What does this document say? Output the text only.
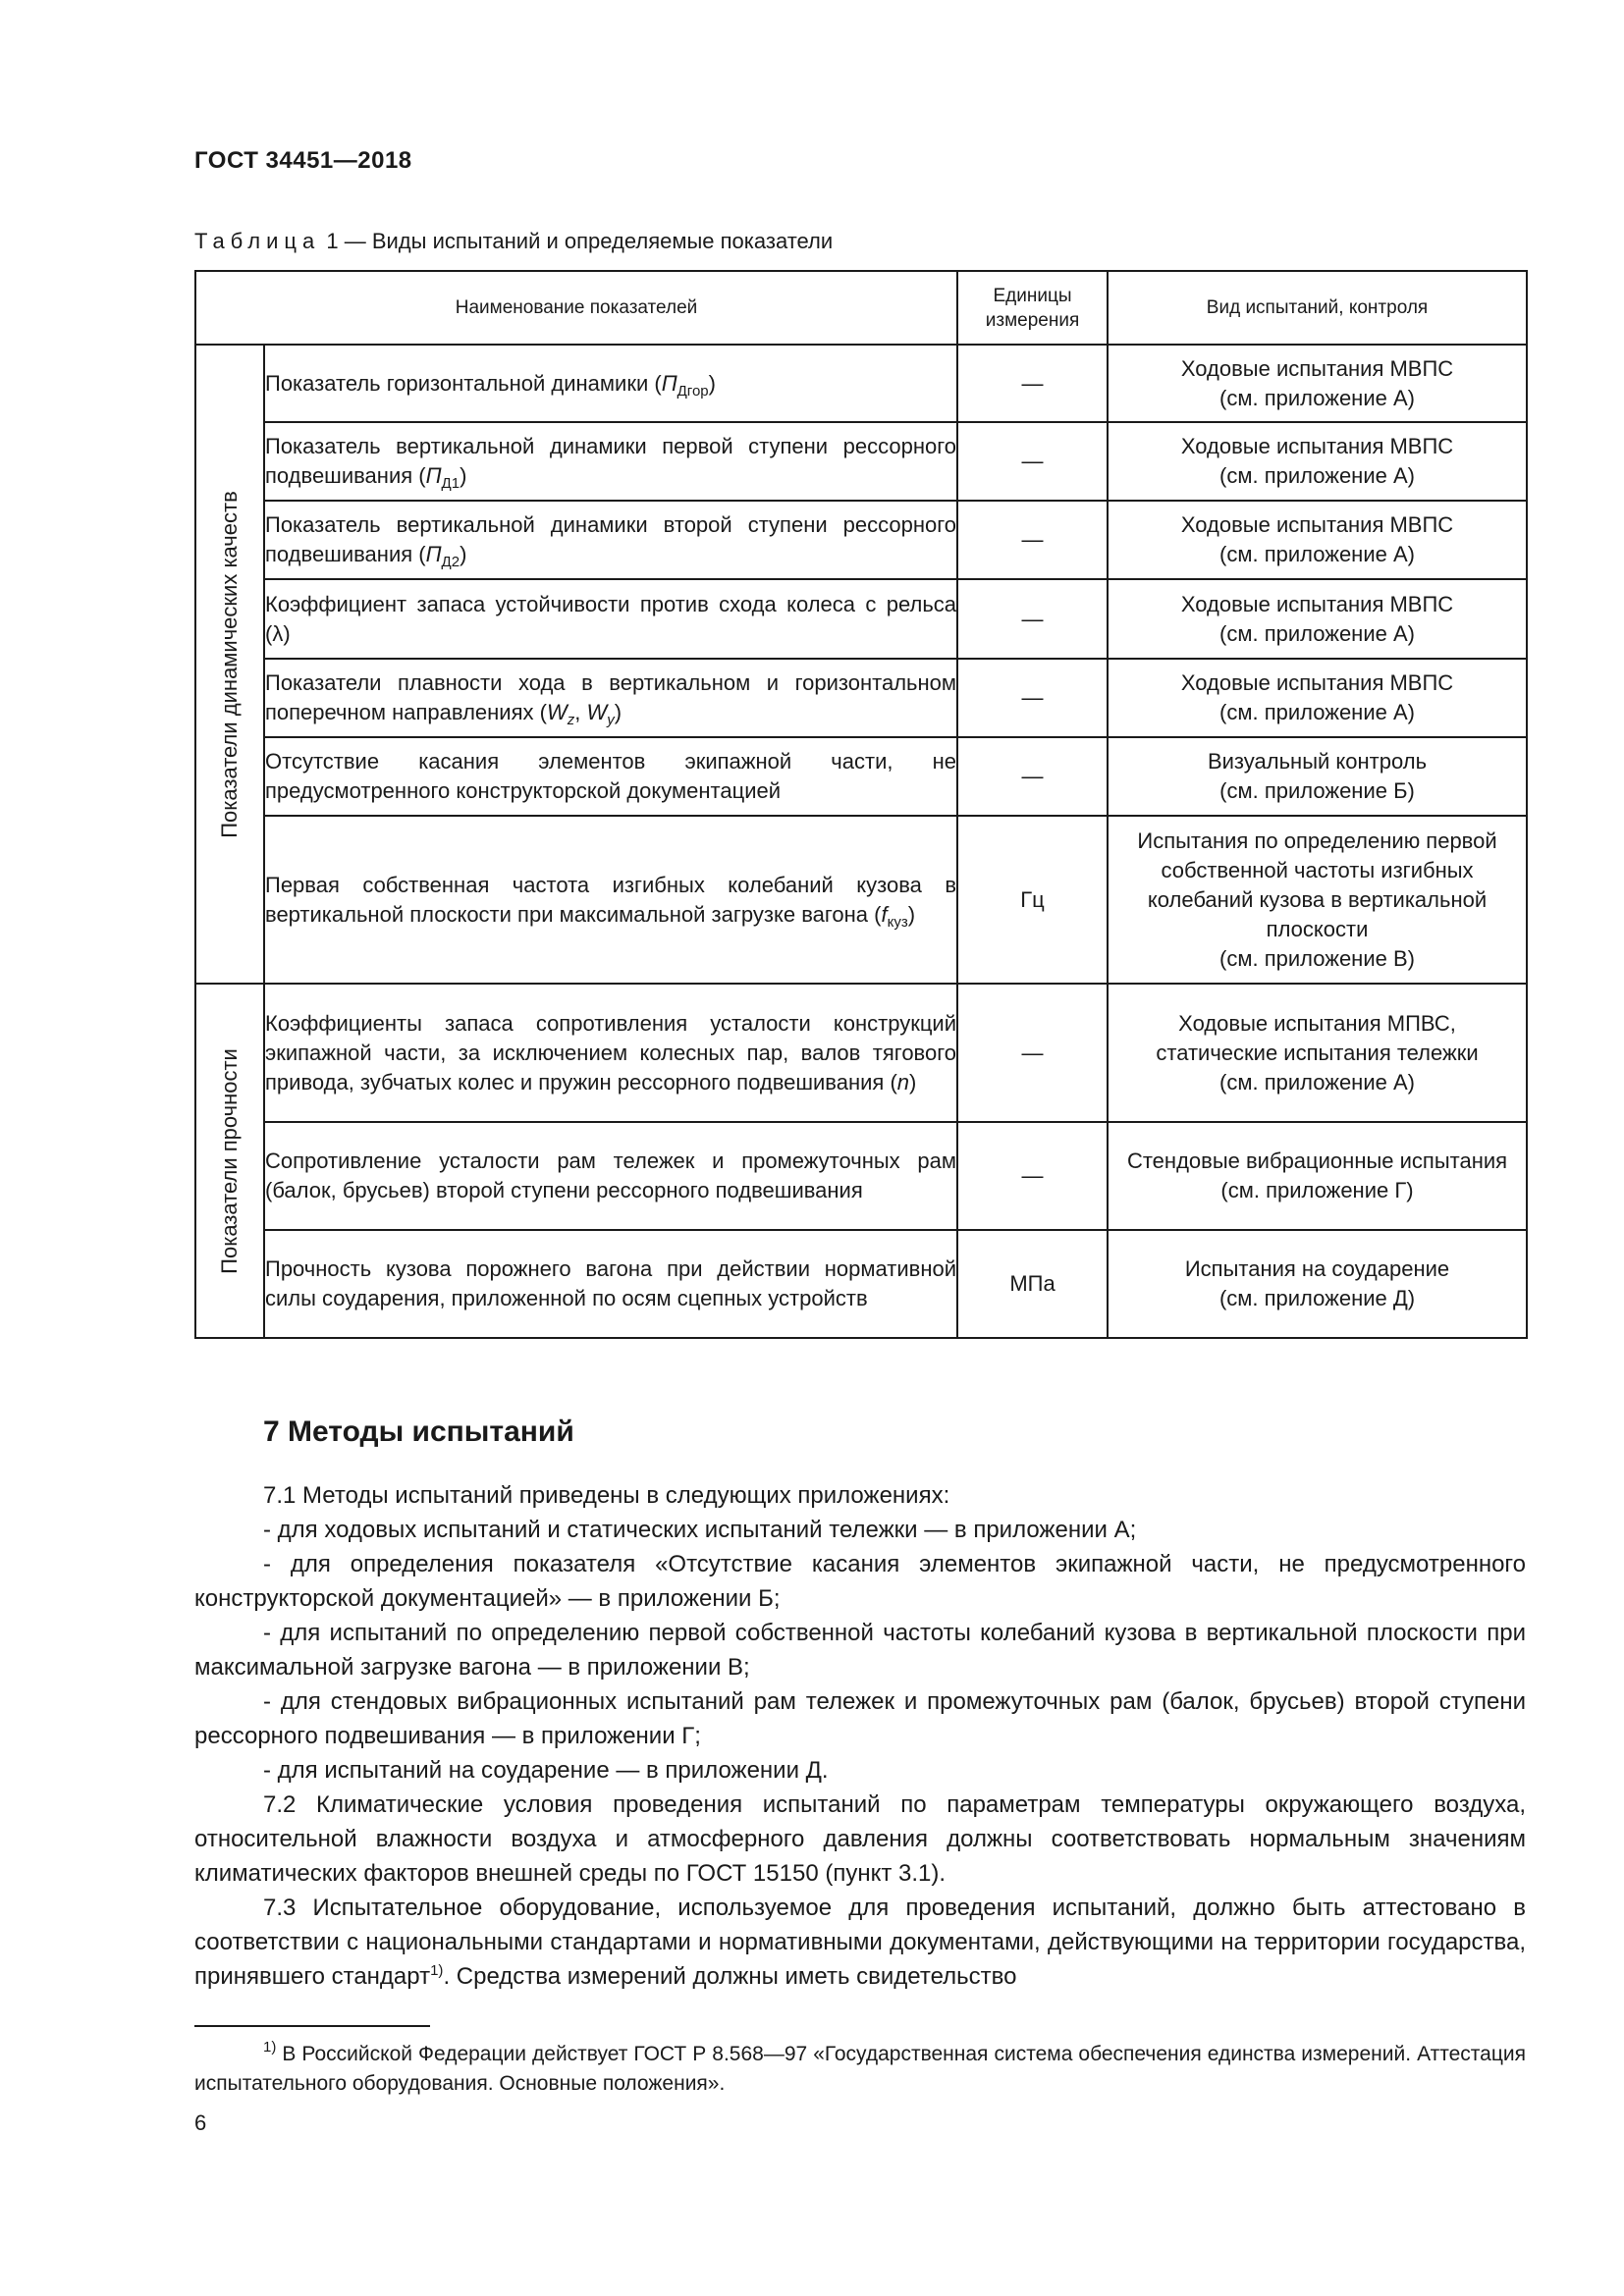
ГОСТ 34451—2018
Таблица 1 — Виды испытаний и определяемые показатели
Наименование показателей		Единицы измерения	Вид испытаний, контроля

Показатели динамических качеств	Показатель горизонтальной динамики $(П_{Дгор})$	—	Ходовые испытания МВПС
(см. приложение А)

	Показатель вертикальной динамики первой ступени рессорного подвешивания $(П_{Д1})$	—	Ходовые испытания МВПС
(см. приложение А)

	Показатель вертикальной динамики второй ступени рессорного подвешивания $(П_{Д2})$	—	Ходовые испытания МВПС
(см. приложение А)

	Коэффициент запаса устойчивости против схода колеса с рельса (λ)	—	Ходовые испытания МВПС
(см. приложение А)

	Показатели плавности хода в вертикальном и горизонтальном поперечном направлениях ($W_z$, $W_y$)	—	Ходовые испытания МВПС
(см. приложение А)

	Отсутствие касания элементов экипажной части, не предусмотренного конструкторской документацией	—	Визуальный контроль
(см. приложение Б)

	Первая собственная частота изгибных колебаний кузова в вертикальной плоскости при максимальной загрузке вагона $(f_{куз})$	Гц	Испытания по определению первой собственной частоты изгибных колебаний кузова в вертикальной плоскости
(см. приложение В)

Показатели прочности	Коэффициенты запаса сопротивления усталости конструкций экипажной части, за исключением колесных пар, валов тягового привода, зубчатых колес и пружин рессорного подвешивания (n)	—	Ходовые испытания МПВС,
статические испытания тележки
(см. приложение А)

	Сопротивление усталости рам тележек и промежуточных рам (балок, брусьев) второй ступени рессорного подвешивания	—	Стендовые вибрационные испытания
(см. приложение Г)

	Прочность кузова порожнего вагона при действии нормативной силы соударения, приложенной по осям сцепных устройств	МПа	Испытания на соударение
(см. приложение Д)
7 Методы испытаний

7.1 Методы испытаний приведены в следующих приложениях:

- для ходовых испытаний и статических испытаний тележки — в приложении А;

- для определения показателя «Отсутствие касания элементов экипажной части, не предусмотренного конструкторской документацией» — в приложении Б;

- для испытаний по определению первой собственной частоты колебаний кузова в вертикальной плоскости при максимальной загрузке вагона — в приложении В;

- для стендовых вибрационных испытаний рам тележек и промежуточных рам (балок, брусьев) второй ступени рессорного подвешивания — в приложении Г;

- для испытаний на соударение — в приложении Д.

7.2 Климатические условия проведения испытаний по параметрам температуры окружающего воздуха, относительной влажности воздуха и атмосферного давления должны соответствовать нормальным значениям климатических факторов внешней среды по ГОСТ 15150 (пункт 3.1).

7.3 Испытательное оборудование, используемое для проведения испытаний, должно быть аттестовано в соответствии с национальными стандартами и нормативными документами, действующими на территории государства, принявшего стандарт$^{1)}$. Средства измерений должны иметь свидетельство

$^{1)}$ В Российской Федерации действует ГОСТ Р 8.568—97 «Государственная система обеспечения единства измерений. Аттестация испытательного оборудования. Основные положения».

6
